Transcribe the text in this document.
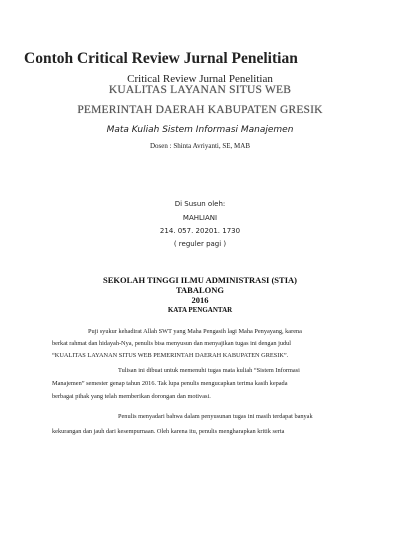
Contoh Critical Review Jurnal Penelitian
Critical Review Jurnal Penelitian
KUALITAS LAYANAN SITUS WEB
PEMERINTAH DAERAH KABUPATEN GRESIK
Mata Kuliah Sistem Informasi Manajemen
Dosen : Shinta Avriyanti, SE, MAB
Di Susun oleh:
MAHLIANI
214. 057. 20201. 1730
( reguler pagi )
SEKOLAH TINGGI ILMU ADMINISTRASI (STIA)
TABALONG
2016
KATA PENGANTAR
Puji syukur kehadirat Allah SWT yang Maha Pengasih lagi Maha Penyayang, karena
berkat rahmat dan hidayah-Nya, penulis bisa menyusun dan menyajikan tugas ini dengan judul
“KUALITAS LAYANAN SITUS WEB PEMERINTAH DAERAH KABUPATEN GRESIK”.
Tulisan ini dibuat untuk memenuhi tugas mata kuliah “Sistem Informasi
Manajemen” semester genap tahun 2016. Tak lupa penulis mengucapkan terima kasih kepada
berbagai pihak yang telah memberikan dorongan dan motivasi.
Penulis menyadari bahwa dalam penyusunan tugas ini masih terdapat banyak
kekurangan dan jauh dari kesempurnaan. Oleh karena itu, penulis mengharapkan kritik serta
